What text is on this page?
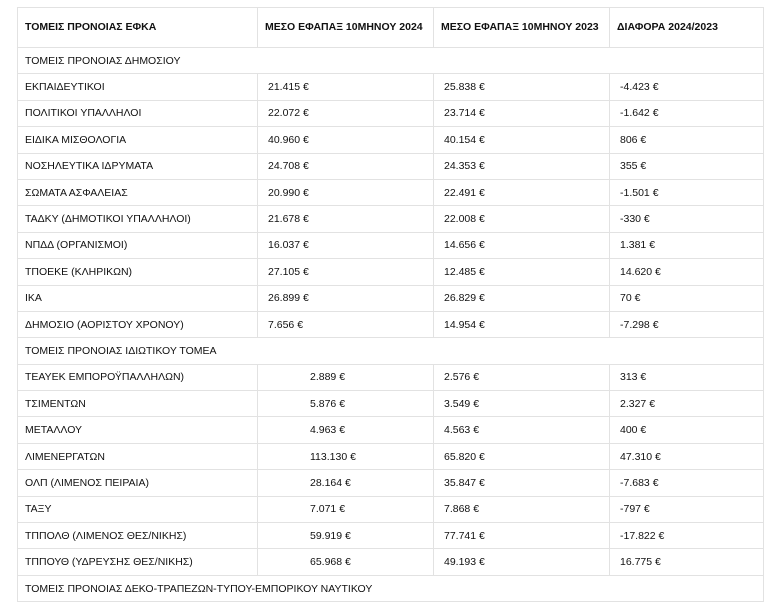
ΤΟΜΕΙΣ ΠΡΟΝΟΙΑΣ ΕΦΚΑ	ΜΕΣΟ ΕΦΑΠΑΞ 10ΜΗΝΟΥ 2024	ΜΕΣΟ ΕΦΑΠΑΞ 10ΜΗΝΟΥ 2023	ΔΙΑΦΟΡΑ 2024/2023
ΤΟΜΕΙΣ ΠΡΟΝΟΙΑΣ ΔΗΜΟΣΙΟΥ			
ΕΚΠΑΙΔΕΥΤΙΚΟΙ	21.415 €	25.838 €	-4.423 €
ΠΟΛΙΤΙΚΟΙ ΥΠΑΛΛΗΛΟΙ	22.072 €	23.714 €	-1.642 €
ΕΙΔΙΚΑ ΜΙΣΘΟΛΟΓΙΑ	40.960 €	40.154 €	806 €
ΝΟΣΗΛΕΥΤΙΚΑ ΙΔΡΥΜΑΤΑ	24.708 €	24.353 €	355 €
ΣΩΜΑΤΑ ΑΣΦΑΛΕΙΑΣ	20.990 €	22.491 €	-1.501 €
ΤΑΔΚΥ (ΔΗΜΟΤΙΚΟΙ ΥΠΑΛΛΗΛΟΙ)	21.678 €	22.008 €	-330 €
ΝΠΔΔ (ΟΡΓΑΝΙΣΜΟΙ)	16.037 €	14.656 €	1.381 €
ΤΠΟΕΚΕ (ΚΛΗΡΙΚΩΝ)	27.105 €	12.485 €	14.620 €
ΙΚΑ	26.899 €	26.829 €	70 €
ΔΗΜΟΣΙΟ (ΑΟΡΙΣΤΟΥ ΧΡΟΝΟΥ)	7.656 €	14.954 €	-7.298 €
ΤΟΜΕΙΣ ΠΡΟΝΟΙΑΣ ΙΔΙΩΤΙΚΟΥ ΤΟΜΕΑ			
ΤΕΑΥΕΚ ΕΜΠΟΡΟΫΠΑΛΛΗΛΩΝ)	2.889 €	2.576 €	313 €
ΤΣΙΜΕΝΤΩΝ	5.876 €	3.549 €	2.327 €
ΜΕΤΑΛΛΟΥ	4.963 €	4.563 €	400 €
ΛΙΜΕΝΕΡΓΑΤΩΝ	113.130 €	65.820 €	47.310 €
ΟΛΠ (ΛΙΜΕΝΟΣ ΠΕΙΡΑΙΑ)	28.164 €	35.847 €	-7.683 €
ΤΑΞΥ	7.071 €	7.868 €	-797 €
ΤΠΠΟΛΘ (ΛΙΜΕΝΟΣ ΘΕΣ/ΝΙΚΗΣ)	59.919 €	77.741 €	-17.822 €
ΤΠΠΟΥΘ (ΥΔΡΕΥΣΗΣ ΘΕΣ/ΝΙΚΗΣ)	65.968 €	49.193 €	16.775 €
ΤΟΜΕΙΣ ΠΡΟΝΟΙΑΣ ΔΕΚΟ-ΤΡΑΠΕΖΩΝ-ΤΥΠΟΥ-ΕΜΠΟΡΙΚΟΥ ΝΑΥΤΙΚΟΥ			
